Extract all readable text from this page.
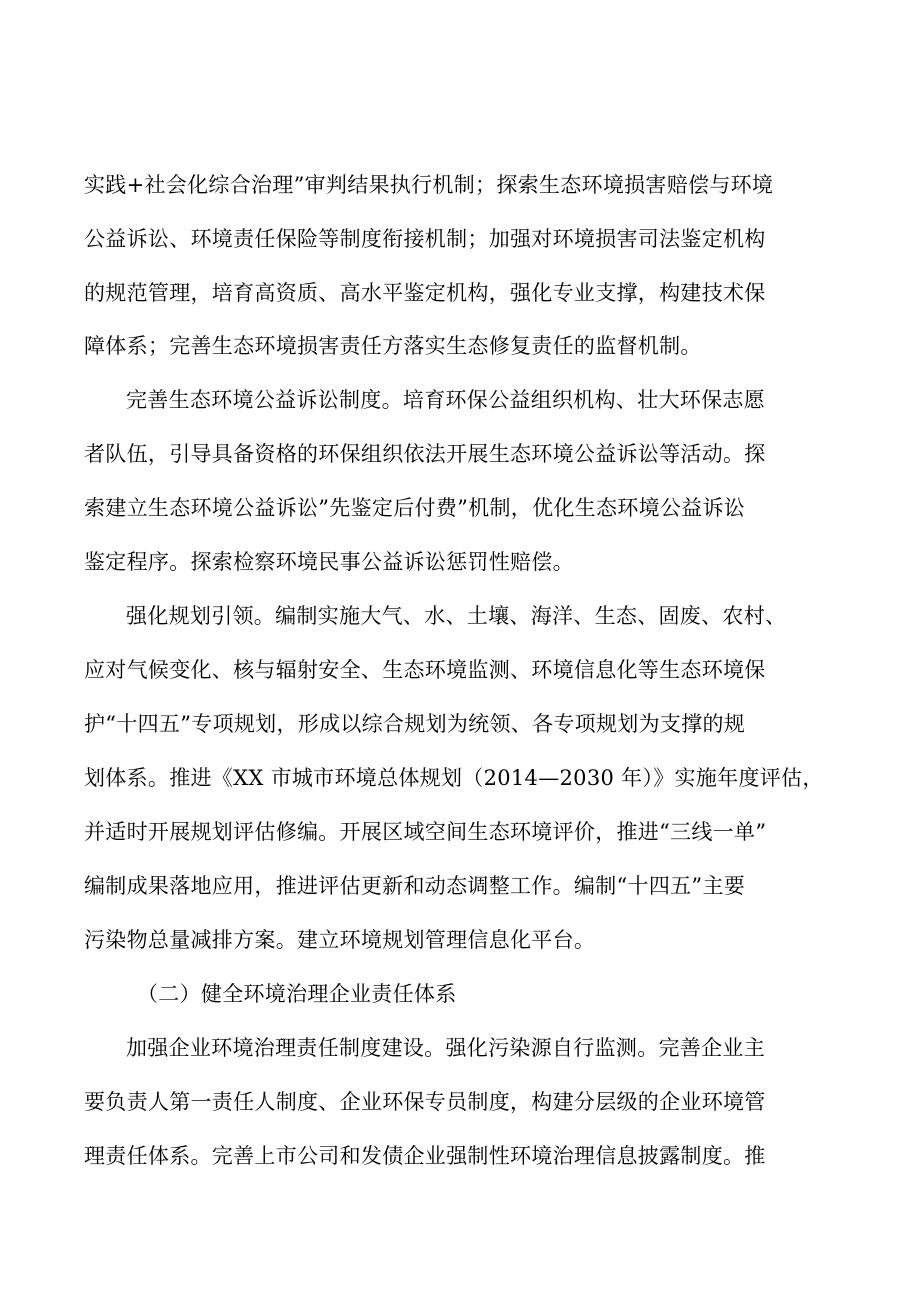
实践+社会化综合治理”审判结果执行机制；探索生态环境损害赔偿与环境
公益诉讼、环境责任保险等制度衔接机制；加强对环境损害司法鉴定机构
的规范管理，培育高资质、高水平鉴定机构，强化专业支撑，构建技术保
障体系；完善生态环境损害责任方落实生态修复责任的监督机制。
完善生态环境公益诉讼制度。培育环保公益组织机构、壮大环保志愿
者队伍，引导具备资格的环保组织依法开展生态环境公益诉讼等活动。探
索建立生态环境公益诉讼”先鉴定后付费”机制，优化生态环境公益诉讼
鉴定程序。探索检察环境民事公益诉讼惩罚性赔偿。
强化规划引领。编制实施大气、水、土壤、海洋、生态、固废、农村、
应对气候变化、核与辐射安全、生态环境监测、环境信息化等生态环境保
护“十四五”专项规划，形成以综合规划为统领、各专项规划为支撑的规
划体系。推进《XX 市城市环境总体规划（2014—2030 年）》实施年度评估，
并适时开展规划评估修编。开展区域空间生态环境评价，推进“三线一单”
编制成果落地应用，推进评估更新和动态调整工作。编制“十四五”主要
污染物总量减排方案。建立环境规划管理信息化平台。
（二）健全环境治理企业责任体系
加强企业环境治理责任制度建设。强化污染源自行监测。完善企业主
要负责人第一责任人制度、企业环保专员制度，构建分层级的企业环境管
理责任体系。完善上市公司和发债企业强制性环境治理信息披露制度。推
